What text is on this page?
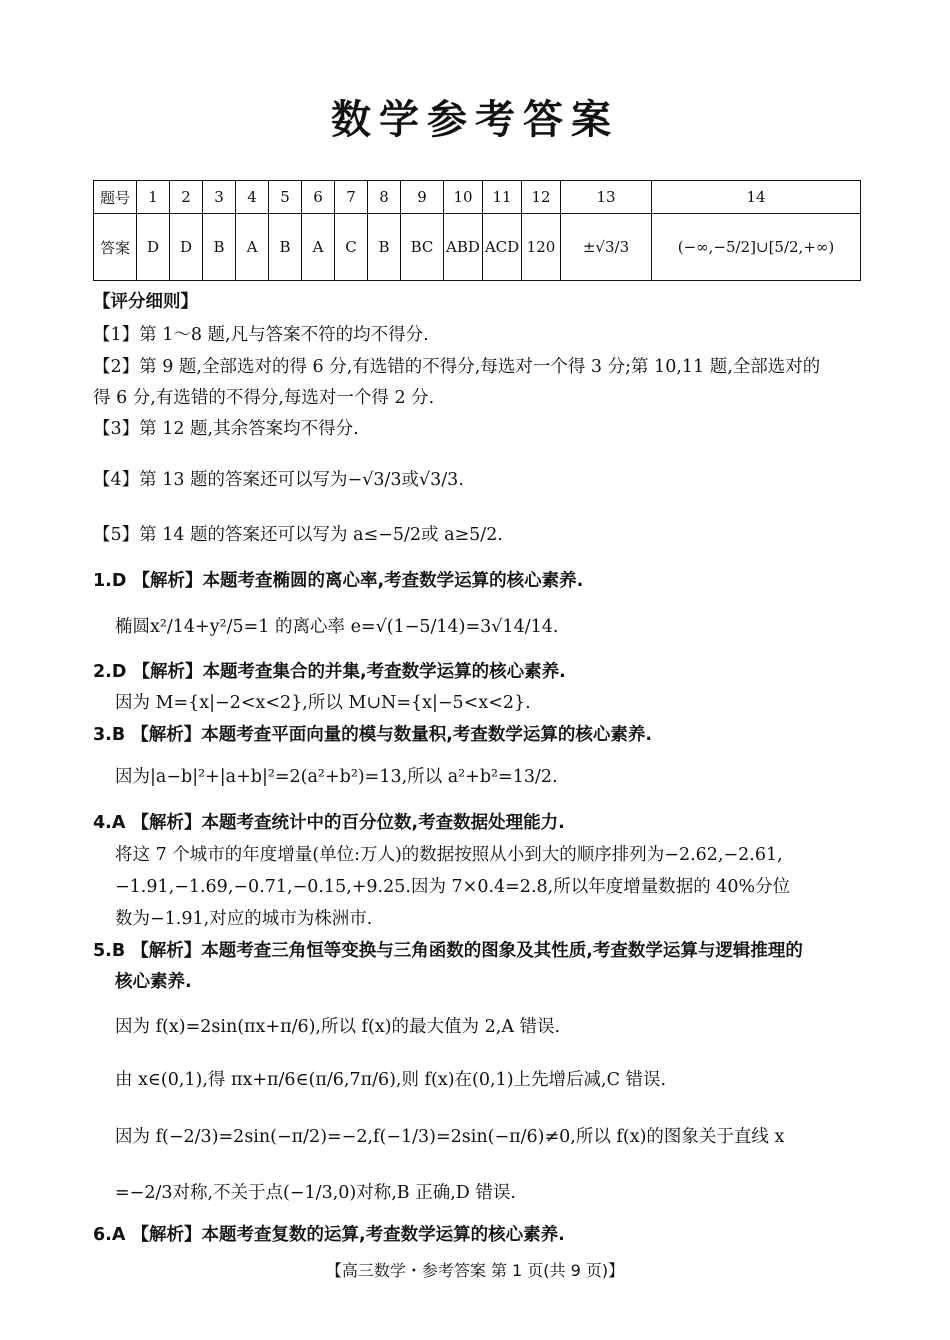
数学参考答案
题号	1	2	3	4	5	6	7	8	9	10	11	12	13	14
答案	D	D	B	A	B	A	C	B	BC	ABD	ACD	120	±√3/3	(−∞,−5/2]∪[5/2,+∞)
【评分细则】
【1】第 1～8 题,凡与答案不符的均不得分.
【2】第 9 题,全部选对的得 6 分,有选错的不得分,每选对一个得 3 分;第 10,11 题,全部选对的
得 6 分,有选错的不得分,每选对一个得 2 分.
【3】第 12 题,其余答案均不得分.
【4】第 13 题的答案还可以写为−√3/3或√3/3.
【5】第 14 题的答案还可以写为 a≤−5/2或 a≥5/2.
1.D 【解析】本题考查椭圆的离心率,考查数学运算的核心素养.
椭圆x²/14+y²/5=1 的离心率 e=√(1−5/14)=3√14/14.
2.D 【解析】本题考查集合的并集,考查数学运算的核心素养.
因为 M={x|−2<x<2},所以 M∪N={x|−5<x<2}.
3.B 【解析】本题考查平面向量的模与数量积,考查数学运算的核心素养.
因为|a−b|²+|a+b|²=2(a²+b²)=13,所以 a²+b²=13/2.
4.A 【解析】本题考查统计中的百分位数,考查数据处理能力.
将这 7 个城市的年度增量(单位:万人)的数据按照从小到大的顺序排列为−2.62,−2.61,
−1.91,−1.69,−0.71,−0.15,+9.25.因为 7×0.4=2.8,所以年度增量数据的 40%分位
数为−1.91,对应的城市为株洲市.
5.B 【解析】本题考查三角恒等变换与三角函数的图象及其性质,考查数学运算与逻辑推理的
核心素养.
因为 f(x)=2sin(πx+π/6),所以 f(x)的最大值为 2,A 错误.
由 x∈(0,1),得 πx+π/6∈(π/6,7π/6),则 f(x)在(0,1)上先增后减,C 错误.
因为 f(−2/3)=2sin(−π/2)=−2,f(−1/3)=2sin(−π/6)≠0,所以 f(x)的图象关于直线 x
=−2/3对称,不关于点(−1/3,0)对称,B 正确,D 错误.
6.A 【解析】本题考查复数的运算,考查数学运算的核心素养.
【高三数学・参考答案 第 1 页(共 9 页)】
